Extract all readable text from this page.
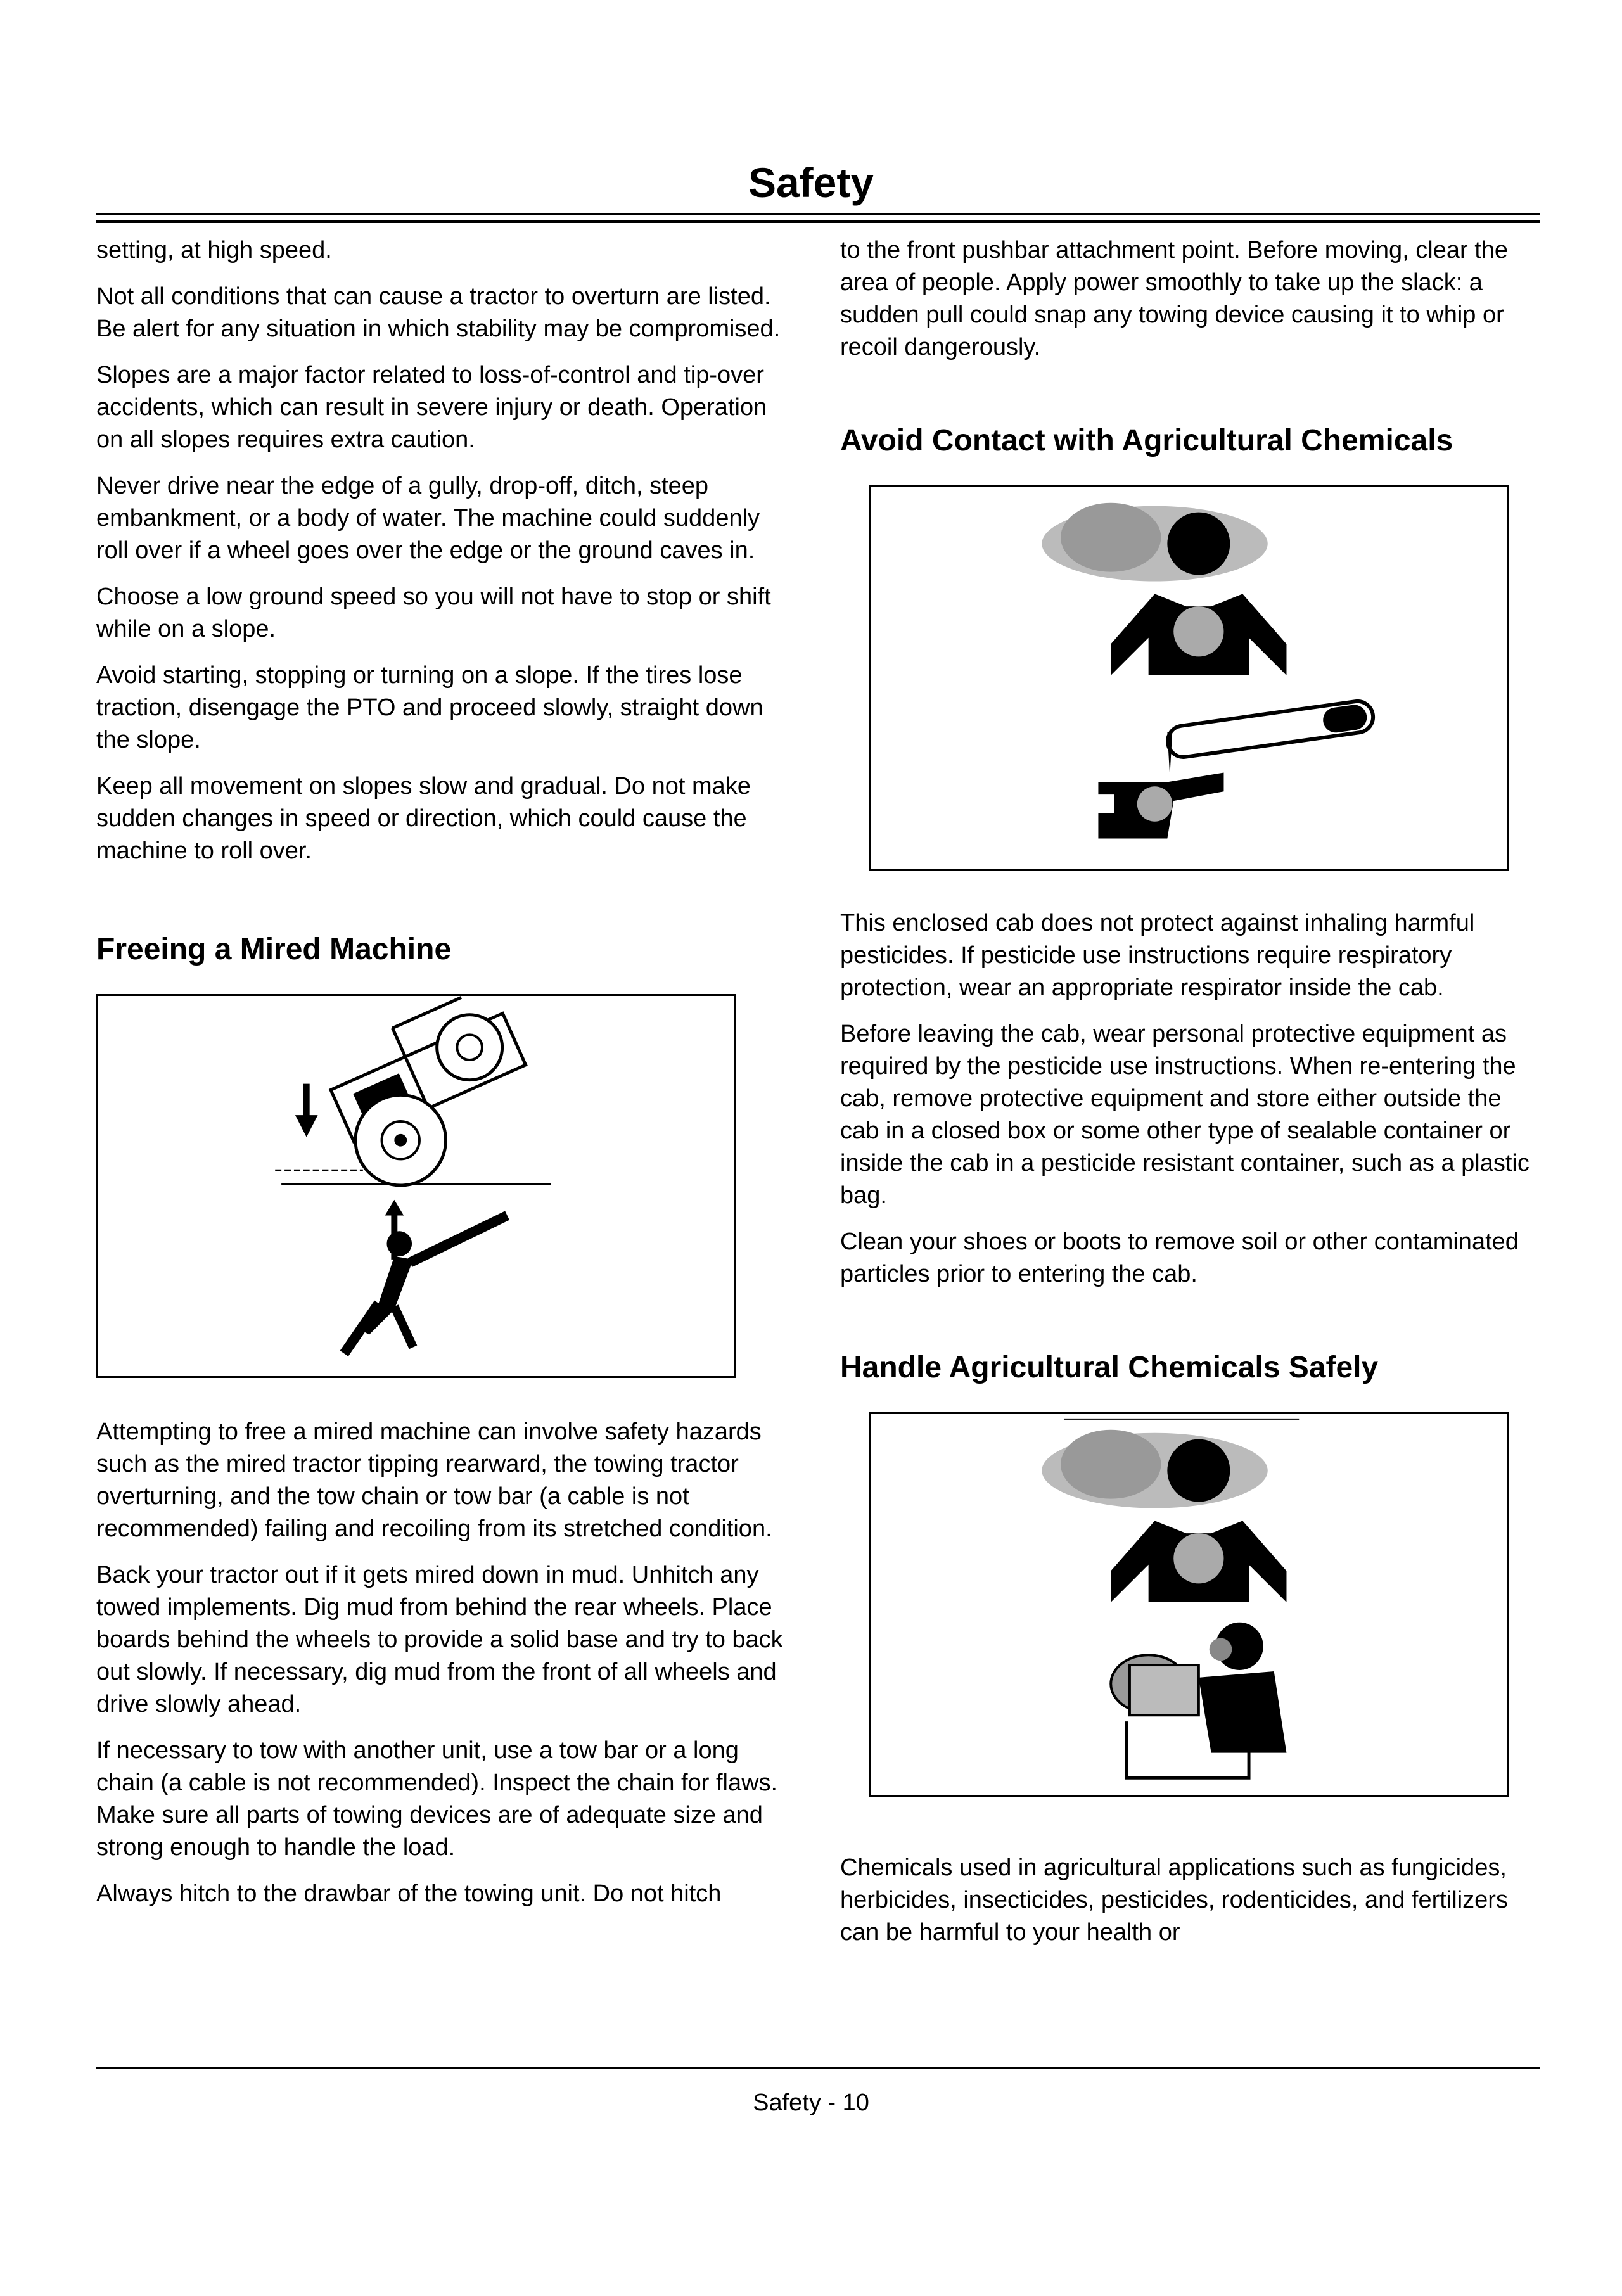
Safety

setting, at high speed.

Not all conditions that can cause a tractor to overturn are listed. Be alert for any situation in which stability may be compromised.

Slopes are a major factor related to loss-of-control and tip-over accidents, which can result in severe injury or death. Operation on all slopes requires extra caution.

Never drive near the edge of a gully, drop-off, ditch, steep embankment, or a body of water. The machine could suddenly roll over if a wheel goes over the edge or the ground caves in.

Choose a low ground speed so you will not have to stop or shift while on a slope.

Avoid starting, stopping or turning on a slope. If the tires lose traction, disengage the PTO and proceed slowly, straight down the slope.

Keep all movement on slopes slow and gradual. Do not make sudden changes in speed or direction, which could cause the machine to roll over.

Freeing a Mired Machine

Attempting to free a mired machine can involve safety hazards such as the mired tractor tipping rearward, the towing tractor overturning, and the tow chain or tow bar (a cable is not recommended) failing and recoiling from its stretched condition.

Back your tractor out if it gets mired down in mud. Unhitch any towed implements. Dig mud from behind the rear wheels. Place boards behind the wheels to provide a solid base and try to back out slowly. If necessary, dig mud from the front of all wheels and drive slowly ahead.

If necessary to tow with another unit, use a tow bar or a long chain (a cable is not recommended). Inspect the chain for flaws. Make sure all parts of towing devices are of adequate size and strong enough to handle the load.

Always hitch to the drawbar of the towing unit. Do not hitch

to the front pushbar attachment point. Before moving, clear the area of people. Apply power smoothly to take up the slack: a sudden pull could snap any towing device causing it to whip or recoil dangerously.

Avoid Contact with Agricultural Chemicals

This enclosed cab does not protect against inhaling harmful pesticides. If pesticide use instructions require respiratory protection, wear an appropriate respirator inside the cab.

Before leaving the cab, wear personal protective equipment as required by the pesticide use instructions. When re-entering the cab, remove protective equipment and store either outside the cab in a closed box or some other type of sealable container or inside the cab in a pesticide resistant container, such as a plastic bag.

Clean your shoes or boots to remove soil or other contaminated particles prior to entering the cab.

Handle Agricultural Chemicals Safely

Chemicals used in agricultural applications such as fungicides, herbicides, insecticides, pesticides, rodenticides, and fertilizers can be harmful to your health or

Safety - 10
